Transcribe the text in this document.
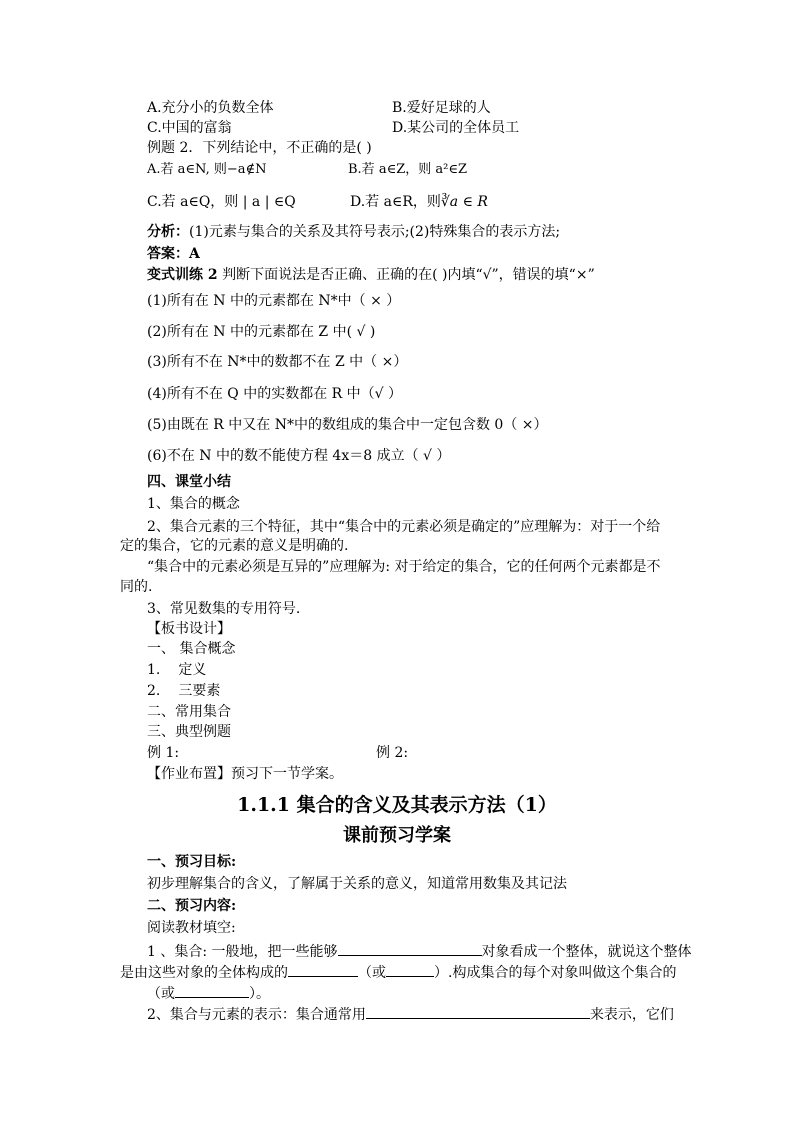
A.充分小的负数全体	B.爱好足球的人
C.中国的富翁	D.某公司的全体员工
例题 2．下列结论中，不正确的是( )
A.若 a∈N, 则−a∉N	B.若 a∈Z，则 a²∈Z
C.若 a∈Q，则 | a | ∈Q	D.若 a∈R，则∛a ∈ R
分析：(1)元素与集合的关系及其符号表示;(2)特殊集合的表示方法;
答案：A
变式训练 2 判断下面说法是否正确、正确的在( )内填“√”，错误的填“×”
(1)所有在 N 中的元素都在 N*中（ × ）
(2)所有在 N 中的元素都在 Z 中( √ )
(3)所有不在 N*中的数都不在 Z 中（ ×）
(4)所有不在 Q 中的实数都在 R 中（√ ）
(5)由既在 R 中又在 N*中的数组成的集合中一定包含数 0（ ×）
(6)不在 N 中的数不能使方程 4x＝8 成立（ √ ）
四、课堂小结
1、集合的概念
2、集合元素的三个特征，其中“集合中的元素必须是确定的”应理解为：对于一个给
定的集合，它的元素的意义是明确的.
“集合中的元素必须是互异的”应理解为: 对于给定的集合，它的任何两个元素都是不
同的.
3、常见数集的专用符号.
【板书设计】
一、 集合概念
1. 定义
2. 三要素
二、常用集合
三、典型例题
例 1:	例 2:
【作业布置】预习下一节学案。
1.1.1 集合的含义及其表示方法（1）
课前预习学案
一、预习目标:
初步理解集合的含义，了解属于关系的意义，知道常用数集及其记法
二、预习内容:
阅读教材填空:
1 、集合: 一般地，把一些能够	对象看成一个整体，就说这个整体
是由这些对象的全体构成的	（或	）.构成集合的每个对象叫做这个集合的
（或	）。
2、集合与元素的表示：集合通常用	来表示，它们
